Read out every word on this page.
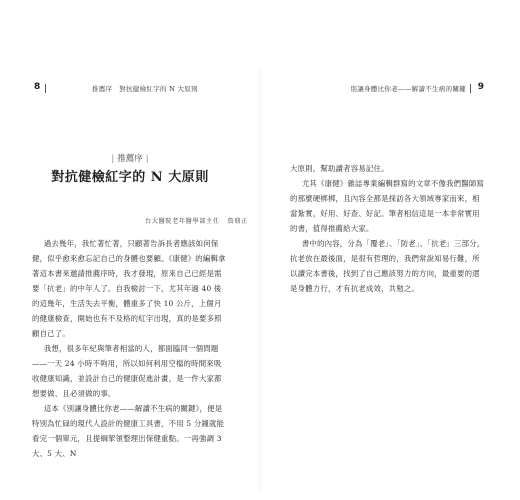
8	推薦序　對抗健檢紅字的 N 大原則
| 推薦序 |
對抗健檢紅字的 N 大原則
台大醫院老年醫學部主任 詹鼎正

過去幾年，我忙著忙著，只顧著告訴長者應該如何保健，似乎愈來愈忘記自己的身體也要顧。《康健》的編輯拿著這本書來邀請推薦序時，我才發現，原來自己已經是需要「抗老」的中年人了。自我檢討一下，尤其年過 40 後的這幾年，生活失去平衡，體重多了快 10 公斤，上個月的健康檢查，開始也有不及格的紅字出現，真的是要多照顧自己了。

我想，很多年紀與筆者相當的人，都面臨同一個問題——一天 24 小時不夠用，所以如何利用空檔的時間來吸收健康知識，並設計自己的健康促進計畫，是一件大家都想要做、且必須做的事。

這本《別讓身體比你老——解讀不生病的關鍵》，便是特別為忙碌的現代人設計的健康工具書，不用 5 分鐘就能看完一個單元，且提綱挈領整理出保健重點。一再強調 3 大、5 大、N

別讓身體比你老——解讀不生病的關鍵 9

大原則，幫助讀者容易記住。

尤其《康健》雜誌專業編輯群寫的文章不像我們醫師寫的那麼硬梆梆，且內容全都是採訪各大領域專家而來，相當紮實，好用、好查、好記。筆者相信這是一本非常實用的書，值得推薦給大家。

書中的內容，分為「覆老」、「防老」、「抗老」三部分，抗老放在最後面，是很有哲理的，我們常說知易行難，所以讀完本書後，找到了自己應該努力的方向，最重要的還是身體力行，才有抗老成效，共勉之。
